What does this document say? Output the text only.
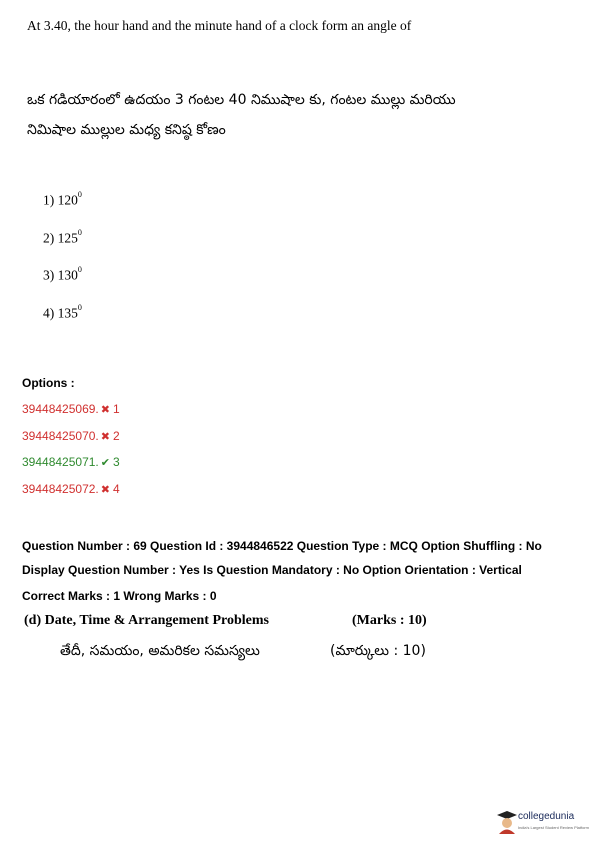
At 3.40, the hour hand and the minute hand of a clock form an angle of
ఒక గడియారంలో ఉదయం 3 గంటల 40 నిముషాల కు, గంటల ముల్లు మరియు
నిమిషాల ముల్లుల మధ్య కనిష్ఠ కోణం
1) $120^0$
2) $125^0$
3) $130^0$
4) $135^0$
Options :
39448425069. ✖ 1
39448425070. ✖ 2
39448425071. ✔ 3
39448425072. ✖ 4
Question Number : 69 Question Id : 3944846522 Question Type : MCQ Option Shuffling : No
Display Question Number : Yes Is Question Mandatory : No Option Orientation : Vertical
Correct Marks : 1 Wrong Marks : 0
(d) Date, Time & Arrangement Problems	(Marks : 10)
తేదీ, సమయం, అమరికల సమస్యలు	(మార్కులు : 10)
collegedunia
India's Largest Student Review Platform
